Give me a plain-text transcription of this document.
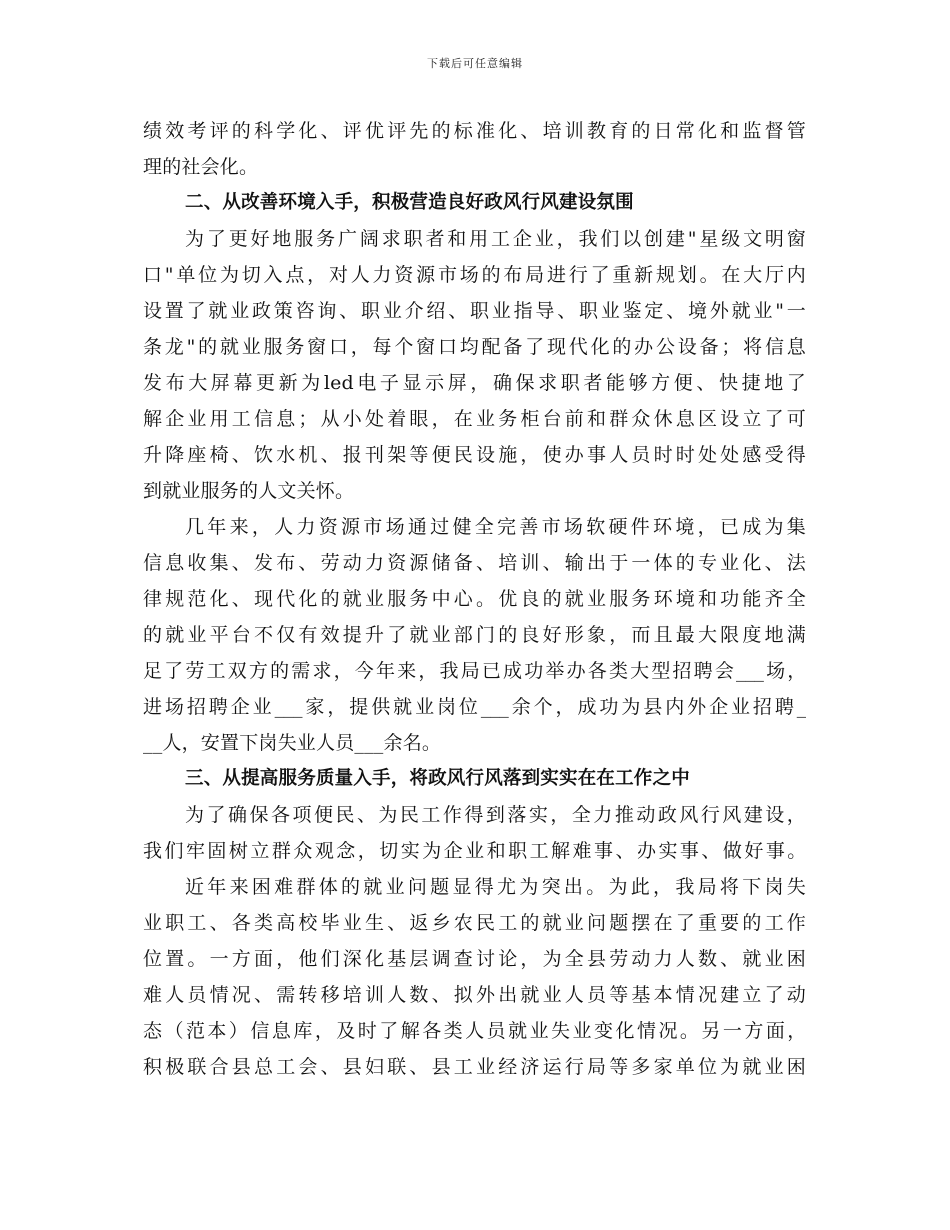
下载后可任意编辑
绩效考评的科学化、评优评先的标准化、培训教育的日常化和监督管
理的社会化。
二、从改善环境入手，积极营造良好政风行风建设氛围
为了更好地服务广阔求职者和用工企业，我们以创建"星级文明窗
口"单位为切入点，对人力资源市场的布局进行了重新规划。在大厅内
设置了就业政策咨询、职业介绍、职业指导、职业鉴定、境外就业"一
条龙"的就业服务窗口，每个窗口均配备了现代化的办公设备；将信息
发布大屏幕更新为led电子显示屏，确保求职者能够方便、快捷地了
解企业用工信息；从小处着眼，在业务柜台前和群众休息区设立了可
升降座椅、饮水机、报刊架等便民设施，使办事人员时时处处感受得
到就业服务的人文关怀。
几年来，人力资源市场通过健全完善市场软硬件环境，已成为集
信息收集、发布、劳动力资源储备、培训、输出于一体的专业化、法
律规范化、现代化的就业服务中心。优良的就业服务环境和功能齐全
的就业平台不仅有效提升了就业部门的良好形象，而且最大限度地满
足了劳工双方的需求，今年来，我局已成功举办各类大型招聘会___场，
进场招聘企业___家，提供就业岗位___余个，成功为县内外企业招聘_
__人，安置下岗失业人员___余名。
三、从提高服务质量入手，将政风行风落到实实在在工作之中
为了确保各项便民、为民工作得到落实，全力推动政风行风建设，
我们牢固树立群众观念，切实为企业和职工解难事、办实事、做好事。
近年来困难群体的就业问题显得尤为突出。为此，我局将下岗失
业职工、各类高校毕业生、返乡农民工的就业问题摆在了重要的工作
位置。一方面，他们深化基层调查讨论，为全县劳动力人数、就业困
难人员情况、需转移培训人数、拟外出就业人员等基本情况建立了动
态（范本）信息库，及时了解各类人员就业失业变化情况。另一方面，
积极联合县总工会、县妇联、县工业经济运行局等多家单位为就业困
